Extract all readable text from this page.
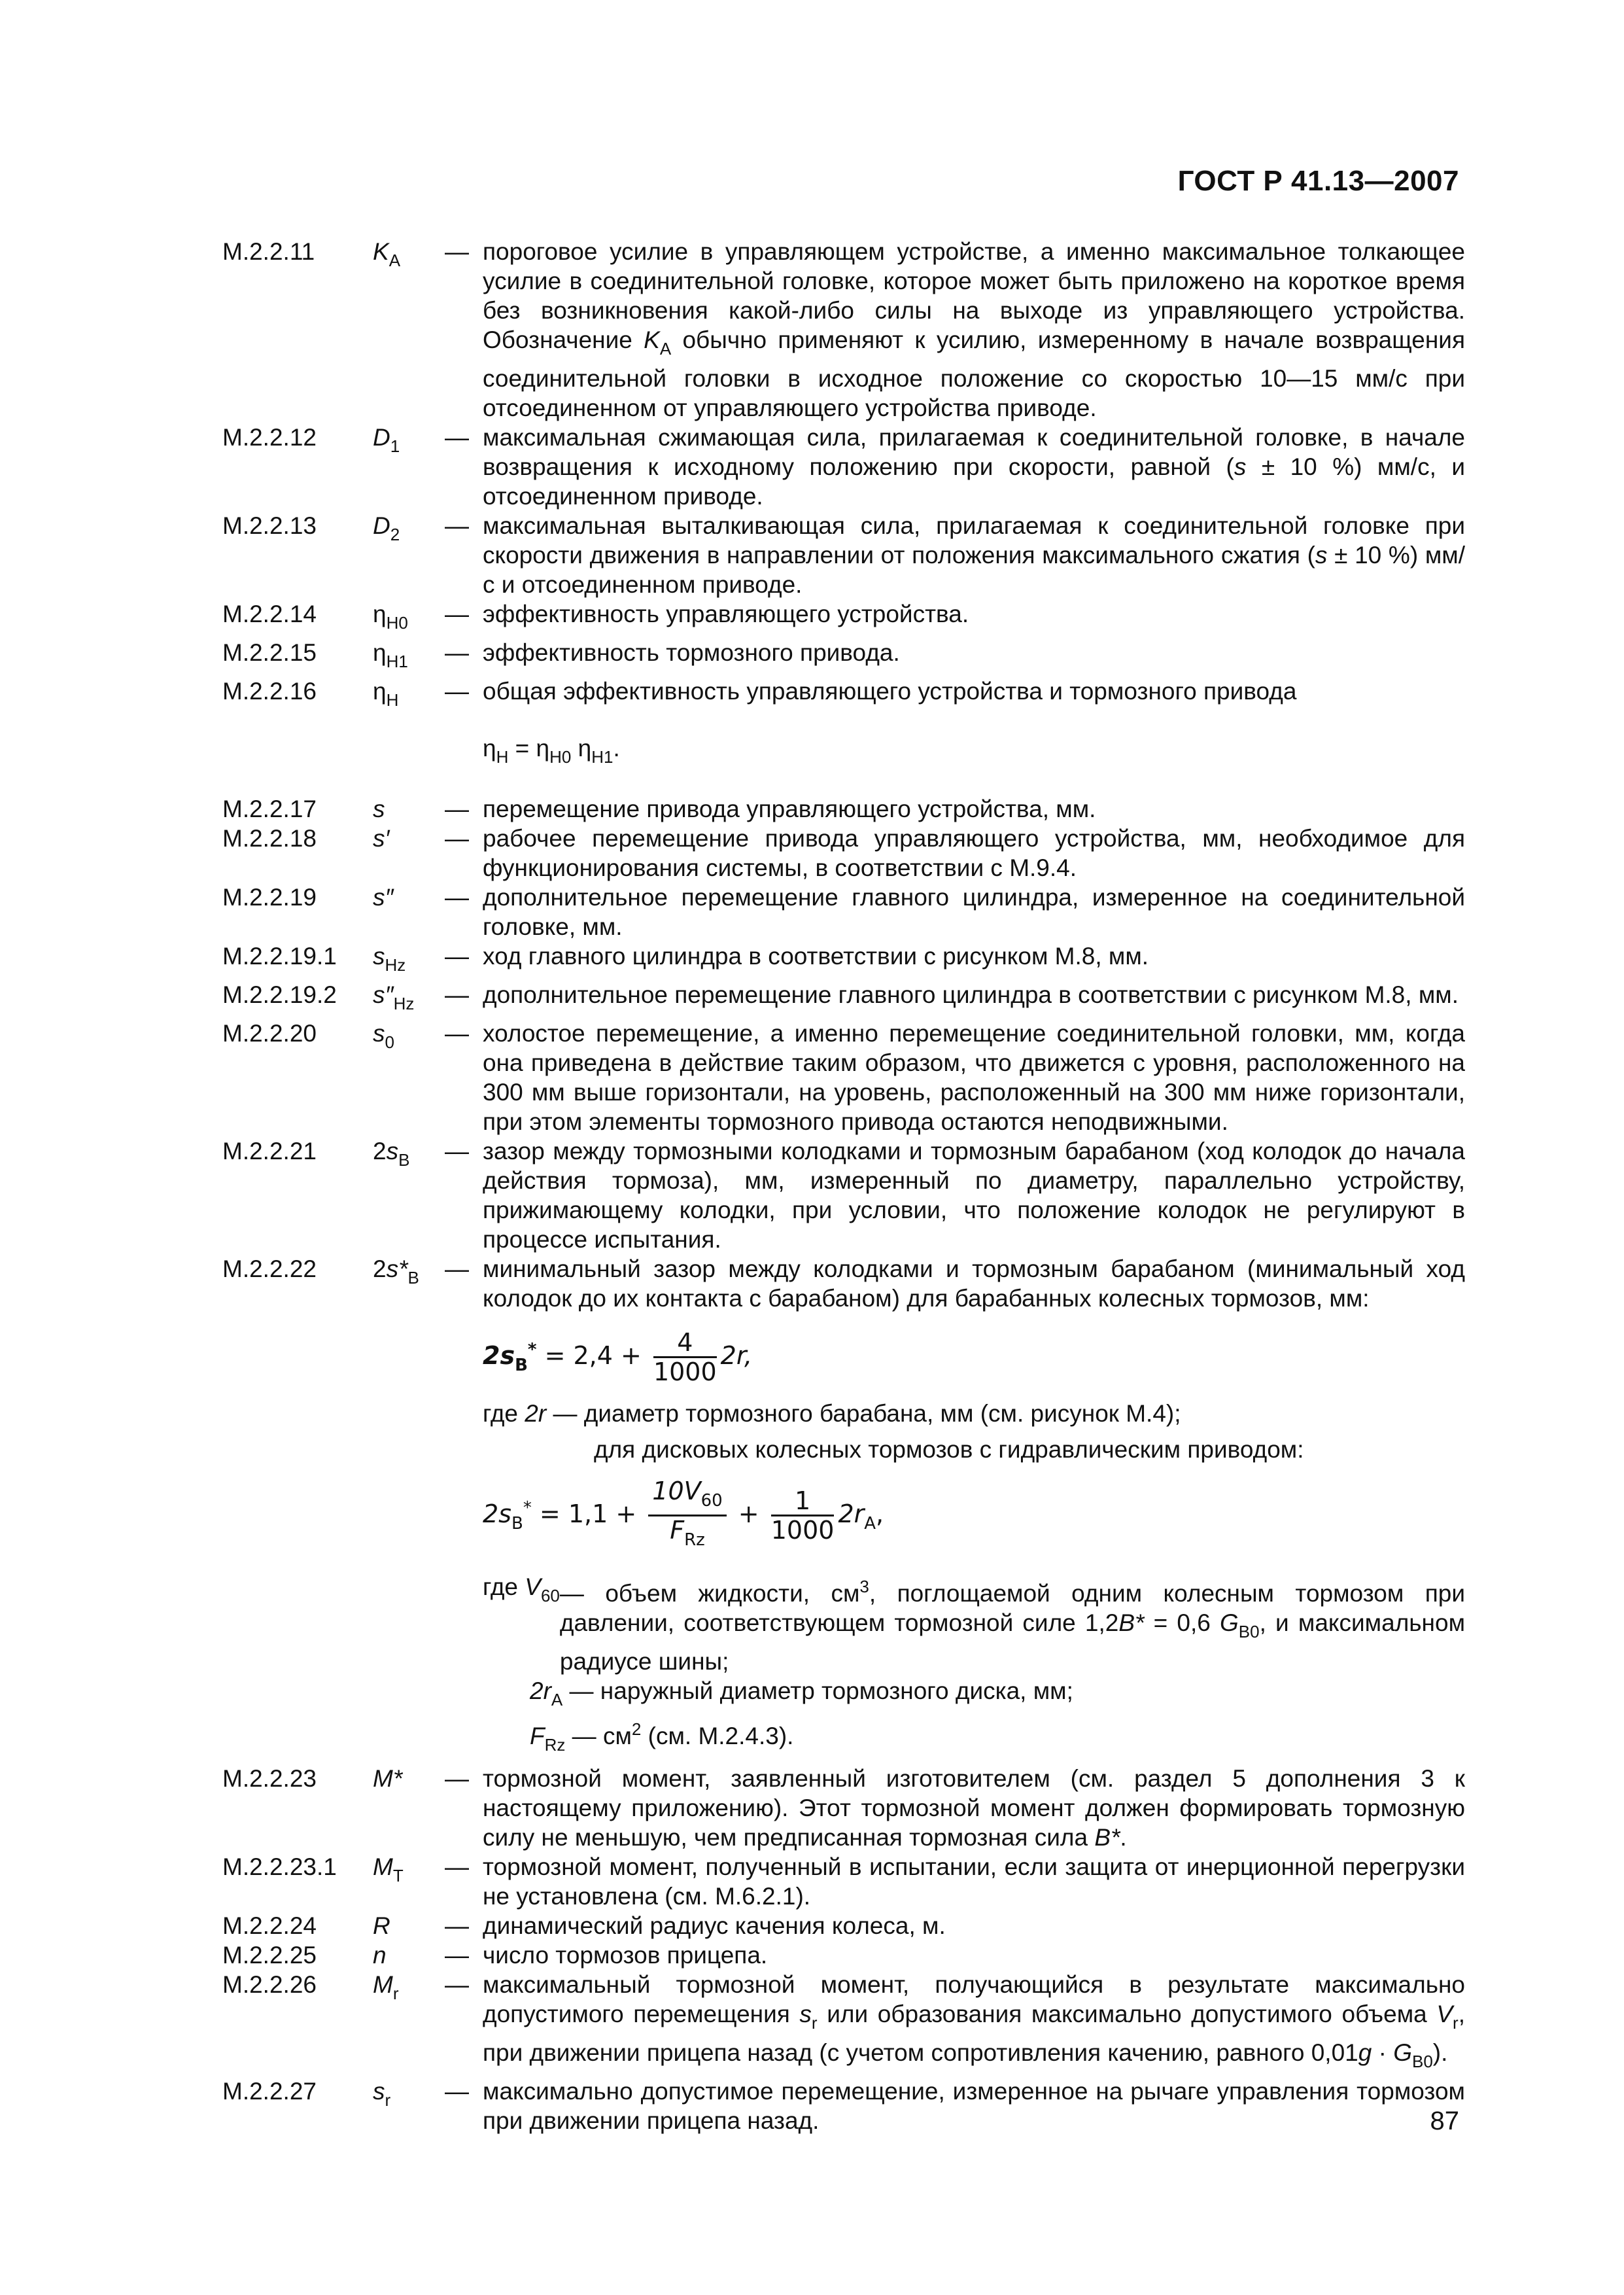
ГОСТ Р 41.13—2007
М.2.2.11	$K_A$	— пороговое усилие в управляющем устройстве, а именно максимальное толкающее усилие в соединительной головке, которое может быть приложено на короткое время без возникновения какой-либо силы на выходе из управляющего устройства. Обозначение $K_A$ обычно применяют к усилию, измеренному в начале возвращения соединительной головки в исходное положение со скоростью 10—15 мм/с при отсоединенном от управляющего устройства приводе.
М.2.2.12	$D_1$	— максимальная сжимающая сила, прилагаемая к соединительной головке, в начале возвращения к исходному положению при скорости, равной (s ± 10 %) мм/с, и отсоединенном приводе.
М.2.2.13	$D_2$	— максимальная выталкивающая сила, прилагаемая к соединительной головке при скорости движения в направлении от положения максимального сжатия (s ± 10 %) мм/с и отсоединенном приводе.
М.2.2.14	$\eta_{H0}$	— эффективность управляющего устройства.
М.2.2.15	$\eta_{H1}$	— эффективность тормозного привода.
М.2.2.16	$\eta_H$	— общая эффективность управляющего устройства и тормозного привода
$\eta_H = \eta_{H0}$ $\eta_{H1}$.
М.2.2.17	s	— перемещение привода управляющего устройства, мм.
М.2.2.18	s′	— рабочее перемещение привода управляющего устройства, мм, необходимое для функционирования системы, в соответствии с М.9.4.
М.2.2.19	s″	— дополнительное перемещение главного цилиндра, измеренное на соединительной головке, мм.
М.2.2.19.1	$s_{Hz}$	— ход главного цилиндра в соответствии с рисунком М.8, мм.
М.2.2.19.2	$s''_{Hz}$	— дополнительное перемещение главного цилиндра в соответствии с рисунком М.8, мм.
М.2.2.20	$s_0$	— холостое перемещение, а именно перемещение соединительной головки, мм, когда она приведена в действие таким образом, что движется с уровня, расположенного на 300 мм выше горизонтали, на уровень, расположенный на 300 мм ниже горизонтали, при этом элементы тормозного привода остаются неподвижными.
М.2.2.21	$2s_B$	— зазор между тормозными колодками и тормозным барабаном (ход колодок до начала действия тормоза), мм, измеренный по диаметру, параллельно устройству, прижимающему колодки, при условии, что положение колодок не регулируют в процессе испытания.
М.2.2.22	$2s*_B$	— минимальный зазор между колодками и тормозным барабаном (минимальный ход колодок до их контакта с барабаном) для барабанных колесных тормозов, мм:
$2s_B^* = 2,4 + \frac{4}{1000} 2r$,
где 2r — диаметр тормозного барабана, мм (см. рисунок М.4);
для дисковых колесных тормозов с гидравлическим приводом:
$2s_B^* = 1,1 + \frac{10V_{60}}{F_{Rz}} + \frac{1}{1000} 2r_A$,
где $V_{60}$ — объем жидкости, $см^3$, поглощаемой одним колесным тормозом при давлении, соответствующем тормозной силе 1,2B* = 0,6 $G_{B0}$, и максимальном радиусе шины;
$2r_A$ — наружный диаметр тормозного диска, мм;
$F_{Rz}$ — $см^2$ (см. М.2.4.3).
М.2.2.23	M*	— тормозной момент, заявленный изготовителем (см. раздел 5 дополнения 3 к настоящему приложению). Этот тормозной момент должен формировать тормозную силу не меньшую, чем предписанная тормозная сила B*.
М.2.2.23.1	$M_T$	— тормозной момент, полученный в испытании, если защита от инерционной перегрузки не установлена (см. М.6.2.1).
М.2.2.24	R	— динамический радиус качения колеса, м.
М.2.2.25	n	— число тормозов прицепа.
М.2.2.26	$M_r$	— максимальный тормозной момент, получающийся в результате максимально допустимого перемещения $s_r$ или образования максимально допустимого объема $V_r$, при движении прицепа назад (с учетом сопротивления качению, равного $0,01g \cdot G_{B0}$).
М.2.2.27	$s_r$	— максимально допустимое перемещение, измеренное на рычаге управления тормозом при движении прицепа назад.	87
